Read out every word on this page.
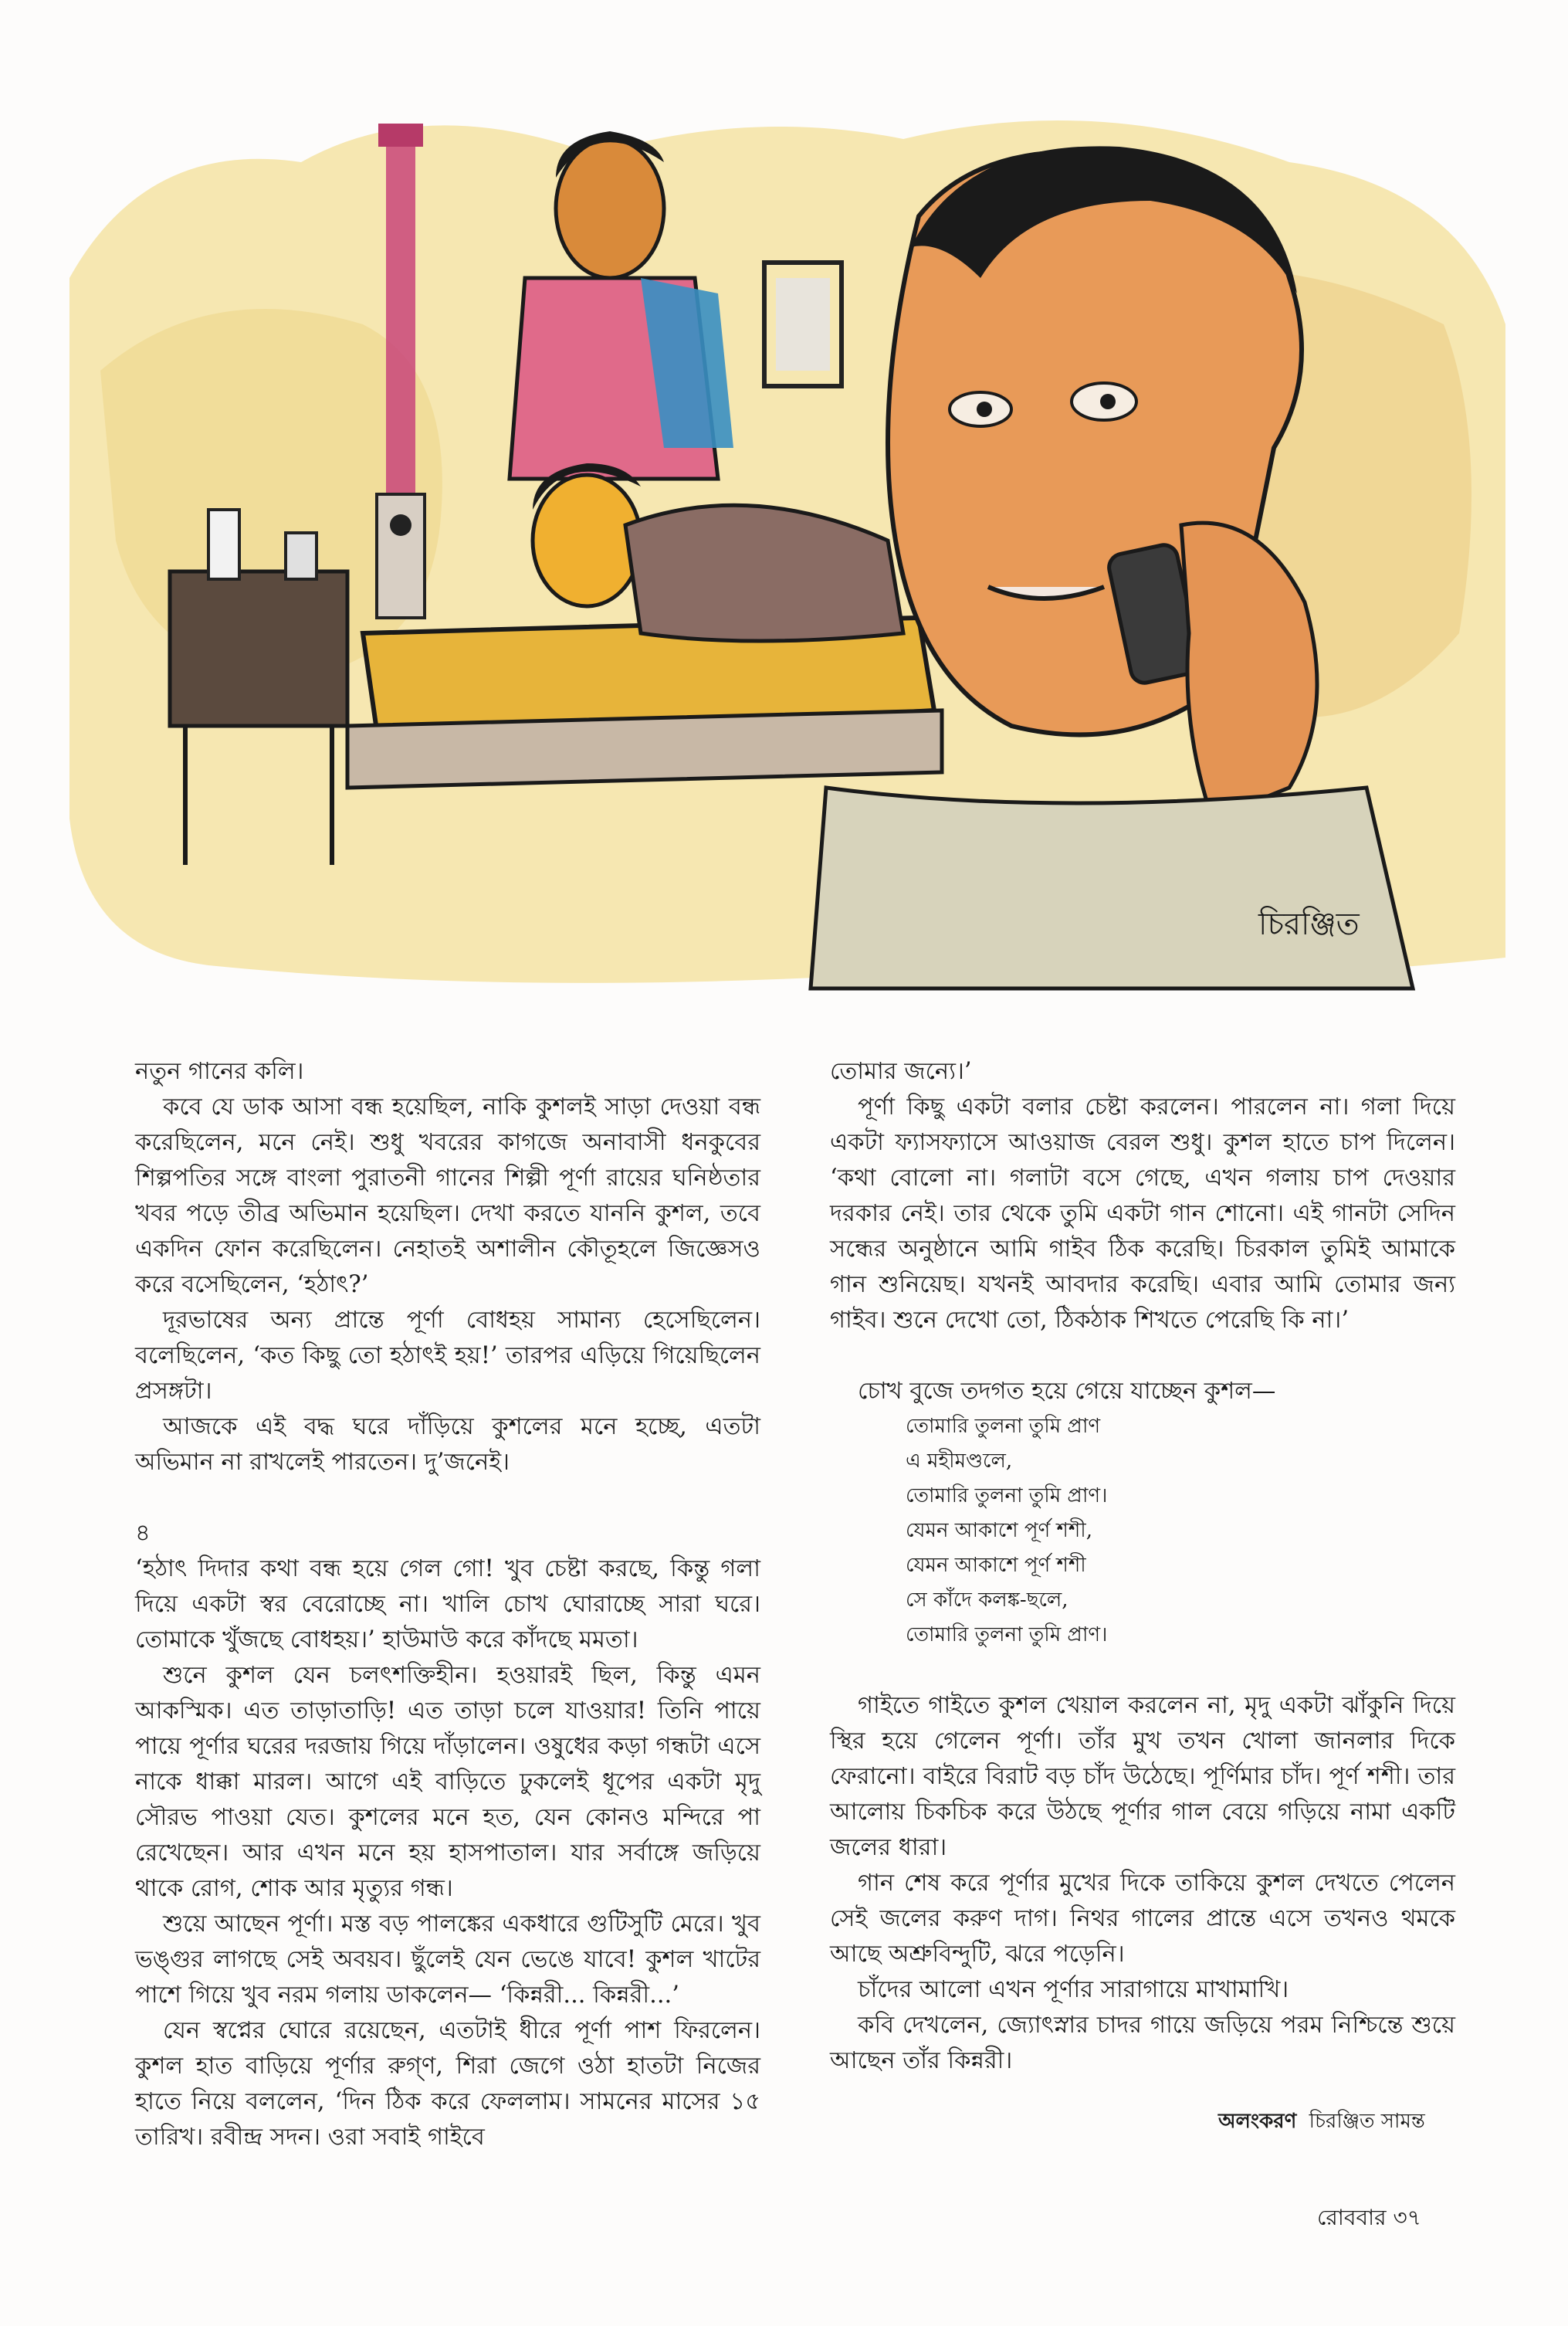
চিরঞ্জিত

নতুন গানের কলি।

কবে যে ডাক আসা বন্ধ হয়েছিল, নাকি কুশলই সাড়া দেওয়া বন্ধ করেছিলেন, মনে নেই। শুধু খবরের কাগজে অনাবাসী ধনকুবের শিল্পপতির সঙ্গে বাংলা পুরাতনী গানের শিল্পী পূর্ণা রায়ের ঘনিষ্ঠতার খবর পড়ে তীব্র অভিমান হয়েছিল। দেখা করতে যাননি কুশল, তবে একদিন ফোন করেছিলেন। নেহাতই অশালীন কৌতূহলে জিজ্ঞেসও করে বসেছিলেন, ‘হঠাৎ?’

দূরভাষের অন্য প্রান্তে পূর্ণা বোধহয় সামান্য হেসেছিলেন। বলেছিলেন, ‘কত কিছু তো হঠাৎই হয়!’ তারপর এড়িয়ে গিয়েছিলেন প্রসঙ্গটা।

আজকে এই বদ্ধ ঘরে দাঁড়িয়ে কুশলের মনে হচ্ছে, এতটা অভিমান না রাখলেই পারতেন। দু’জনেই।

৪

‘হঠাৎ দিদার কথা বন্ধ হয়ে গেল গো! খুব চেষ্টা করছে, কিন্তু গলা দিয়ে একটা স্বর বেরোচ্ছে না। খালি চোখ ঘোরাচ্ছে সারা ঘরে। তোমাকে খুঁজছে বোধহয়।’ হাউমাউ করে কাঁদছে মমতা।

শুনে কুশল যেন চলৎশক্তিহীন। হওয়ারই ছিল, কিন্তু এমন আকস্মিক। এত তাড়াতাড়ি! এত তাড়া চলে যাওয়ার! তিনি পায়ে পায়ে পূর্ণার ঘরের দরজায় গিয়ে দাঁড়ালেন। ওষুধের কড়া গন্ধটা এসে নাকে ধাক্কা মারল। আগে এই বাড়িতে ঢুকলেই ধূপের একটা মৃদু সৌরভ পাওয়া যেত। কুশলের মনে হত, যেন কোনও মন্দিরে পা রেখেছেন। আর এখন মনে হয় হাসপাতাল। যার সর্বাঙ্গে জড়িয়ে থাকে রোগ, শোক আর মৃত্যুর গন্ধ।

শুয়ে আছেন পূর্ণা। মস্ত বড় পালঙ্কের একধারে গুটিসুটি মেরে। খুব ভঙ্গুর লাগছে সেই অবয়ব। ছুঁলেই যেন ভেঙে যাবে! কুশল খাটের পাশে গিয়ে খুব নরম গলায় ডাকলেন— ‘কিন্নরী... কিন্নরী...’

যেন স্বপ্নের ঘোরে রয়েছেন, এতটাই ধীরে পূর্ণা পাশ ফিরলেন। কুশল হাত বাড়িয়ে পূর্ণার রুগ্‌ণ, শিরা জেগে ওঠা হাতটা নিজের হাতে নিয়ে বললেন, ‘দিন ঠিক করে ফেললাম। সামনের মাসের ১৫ তারিখ। রবীন্দ্র সদন। ওরা সবাই গাইবে

তোমার জন্যে।’

পূর্ণা কিছু একটা বলার চেষ্টা করলেন। পারলেন না। গলা দিয়ে একটা ফ্যাসফ্যাসে আওয়াজ বেরল শুধু। কুশল হাতে চাপ দিলেন। ‘কথা বোলো না। গলাটা বসে গেছে, এখন গলায় চাপ দেওয়ার দরকার নেই। তার থেকে তুমি একটা গান শোনো। এই গানটা সেদিন সন্ধের অনুষ্ঠানে আমি গাইব ঠিক করেছি। চিরকাল তুমিই আমাকে গান শুনিয়েছ। যখনই আবদার করেছি। এবার আমি তোমার জন্য গাইব। শুনে দেখো তো, ঠিকঠাক শিখতে পেরেছি কি না।’

চোখ বুজে তদগত হয়ে গেয়ে যাচ্ছেন কুশল—

তোমারি তুলনা তুমি প্রাণ

এ মহীমণ্ডলে,

তোমারি তুলনা তুমি প্রাণ।

যেমন আকাশে পূর্ণ শশী,

যেমন আকাশে পূর্ণ শশী

সে কাঁদে কলঙ্ক-ছলে,

তোমারি তুলনা তুমি প্রাণ।

গাইতে গাইতে কুশল খেয়াল করলেন না, মৃদু একটা ঝাঁকুনি দিয়ে স্থির হয়ে গেলেন পূর্ণা। তাঁর মুখ তখন খোলা জানলার দিকে ফেরানো। বাইরে বিরাট বড় চাঁদ উঠেছে। পূর্ণিমার চাঁদ। পূর্ণ শশী। তার আলোয় চিকচিক করে উঠছে পূর্ণার গাল বেয়ে গড়িয়ে নামা একটি জলের ধারা।

গান শেষ করে পূর্ণার মুখের দিকে তাকিয়ে কুশল দেখতে পেলেন সেই জলের করুণ দাগ। নিথর গালের প্রান্তে এসে তখনও থমকে আছে অশ্রুবিন্দুটি, ঝরে পড়েনি।

চাঁদের আলো এখন পূর্ণার সারাগায়ে মাখামাখি।

কবি দেখলেন, জ্যোৎস্নার চাদর গায়ে জড়িয়ে পরম নিশ্চিন্তে শুয়ে আছেন তাঁর কিন্নরী।

অলংকরণ চিরঞ্জিত সামন্ত
রোববার ৩৭
